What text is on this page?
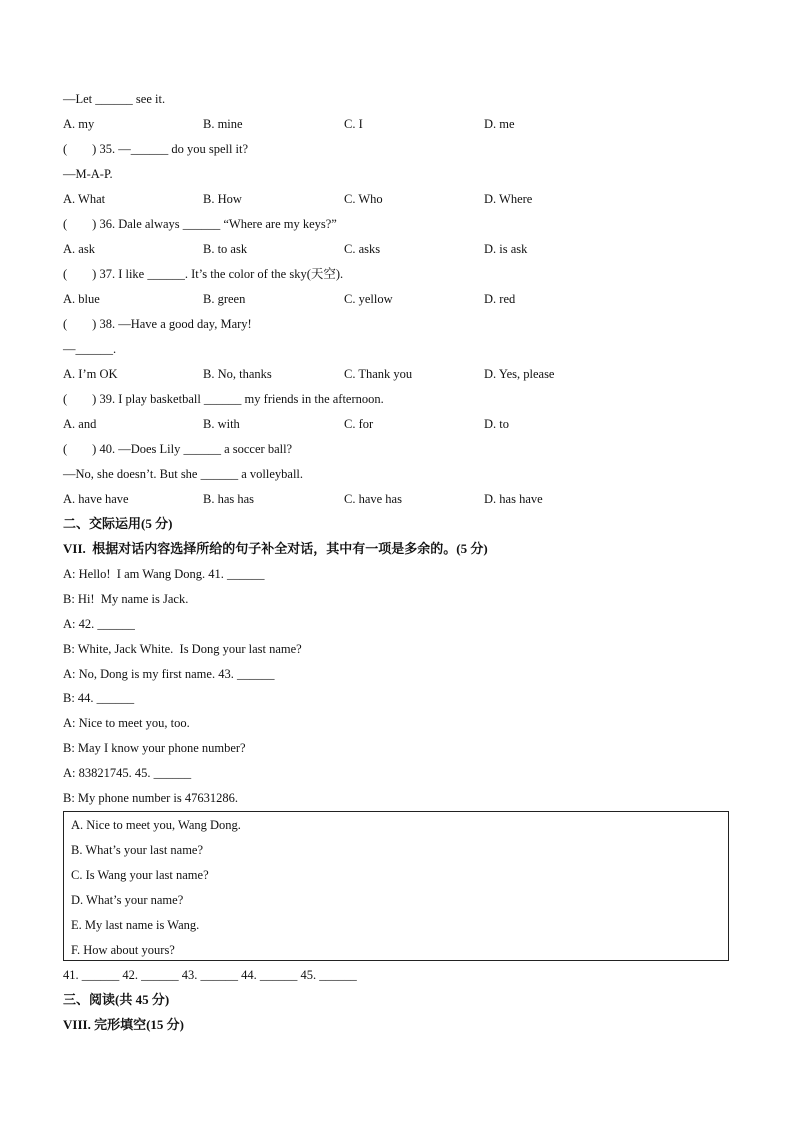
—Let ______ see it.
A. my	B. mine	C. I	D. me
(        ) 35. —______ do you spell it?
—M-A-P.
A. What	B. How	C. Who	D. Where
(        ) 36. Dale always ______ “Where are my keys?”
A. ask	B. to ask	C. asks	D. is ask
(        ) 37. I like ______. It’s the color of the sky(天空).
A. blue	B. green	C. yellow	D. red
(        ) 38. —Have a good day, Mary!
—______.
A. I’m OK	B. No, thanks	C. Thank you	D. Yes, please
(        ) 39. I play basketball ______ my friends in the afternoon.
A. and	B. with	C. for	D. to
(        ) 40. —Does Lily ______ a soccer ball?
—No, she doesn’t. But she ______ a volleyball.
A. have have	B. has has	C. have has	D. has have
二、交际运用(5 分)
VII.  根据对话内容选择所给的句子补全对话，其中有一项是多余的。(5 分)
A: Hello!  I am Wang Dong. 41. ______
B: Hi!  My name is Jack.
A: 42. ______
B: White, Jack White.  Is Dong your last name?
A: No, Dong is my first name. 43. ______
B: 44. ______
A: Nice to meet you, too.
B: May I know your phone number?
A: 83821745. 45. ______
B: My phone number is 47631286.
A. Nice to meet you, Wang Dong.
B. What’s your last name?
C. Is Wang your last name?
D. What’s your name?
E. My last name is Wang.
F. How about yours?
41. ______ 42. ______ 43. ______ 44. ______ 45. ______
三、阅读(共 45 分)
VIII. 完形填空(15 分)
